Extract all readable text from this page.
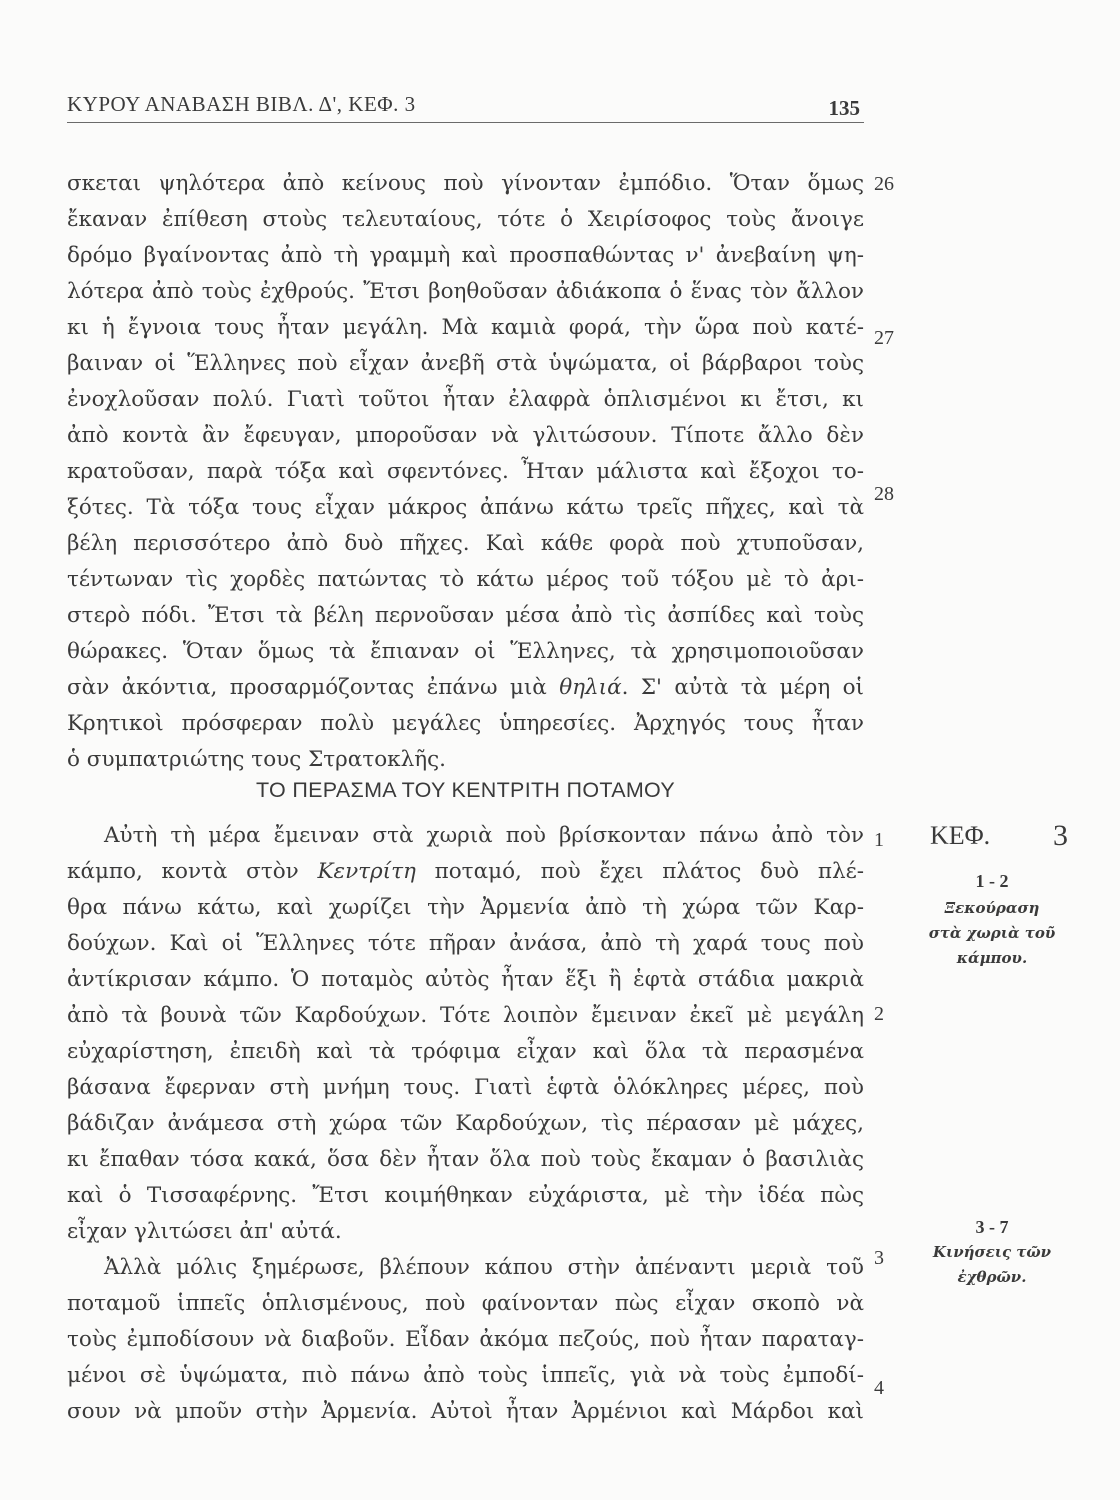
ΚΥΡΟΥ ΑΝΑΒΑΣΗ ΒΙΒΛ. Δ', ΚΕΦ. 3	135
σκεται ψηλότερα ἀπὸ κείνους ποὺ γίνονταν ἐμπόδιο. Ὅταν ὅμως
ἔκαναν ἐπίθεση στοὺς τελευταίους, τότε ὁ Χειρίσοφος τοὺς ἄνοιγε
δρόμο βγαίνοντας ἀπὸ τὴ γραμμὴ καὶ προσπαθώντας ν' ἀνεβαίνη ψη-
λότερα ἀπὸ τοὺς ἐχθρούς. Ἔτσι βοηθοῦσαν ἀδιάκοπα ὁ ἕνας τὸν ἄλλον
κι ἡ ἔγνοια τους ἦταν μεγάλη. Μὰ καμιὰ φορά, τὴν ὥρα ποὺ κατέ-
βαιναν οἱ Ἕλληνες ποὺ εἶχαν ἀνεβῆ στὰ ὑψώματα, οἱ βάρβαροι τοὺς
ἐνοχλοῦσαν πολύ. Γιατὶ τοῦτοι ἦταν ἐλαφρὰ ὁπλισμένοι κι ἔτσι, κι
ἀπὸ κοντὰ ἂν ἔφευγαν, μποροῦσαν νὰ γλιτώσουν. Τίποτε ἄλλο δὲν
κρατοῦσαν, παρὰ τόξα καὶ σφεντόνες. Ἦταν μάλιστα καὶ ἔξοχοι το-
ξότες. Τὰ τόξα τους εἶχαν μάκρος ἀπάνω κάτω τρεῖς πῆχες, καὶ τὰ
βέλη περισσότερο ἀπὸ δυὸ πῆχες. Καὶ κάθε φορὰ ποὺ χτυποῦσαν,
τέντωναν τὶς χορδὲς πατώντας τὸ κάτω μέρος τοῦ τόξου μὲ τὸ ἀρι-
στερὸ πόδι. Ἔτσι τὰ βέλη περνοῦσαν μέσα ἀπὸ τὶς ἀσπίδες καὶ τοὺς
θώρακες. Ὅταν ὅμως τὰ ἔπιαναν οἱ Ἕλληνες, τὰ χρησιμοποιοῦσαν
σὰν ἀκόντια, προσαρμόζοντας ἐπάνω μιὰ θηλιά. Σ' αὐτὰ τὰ μέρη οἱ
Κρητικοὶ πρόσφεραν πολὺ μεγάλες ὑπηρεσίες. Ἀρχηγός τους ἦταν
ὁ συμπατριώτης τους Στρατοκλῆς.
26
27
28
ΤΟ ΠΕΡΑΣΜΑ ΤΟΥ ΚΕΝΤΡΙΤΗ ΠΟΤΑΜΟΥ
Αὐτὴ τὴ μέρα ἔμειναν στὰ χωριὰ ποὺ βρίσκονταν πάνω ἀπὸ τὸν
κάμπο, κοντὰ στὸν Κεντρίτη ποταμό, ποὺ ἔχει πλάτος δυὸ πλέ-
θρα πάνω κάτω, καὶ χωρίζει τὴν Ἀρμενία ἀπὸ τὴ χώρα τῶν Καρ-
δούχων. Καὶ οἱ Ἕλληνες τότε πῆραν ἀνάσα, ἀπὸ τὴ χαρά τους ποὺ
ἀντίκρισαν κάμπο. Ὁ ποταμὸς αὐτὸς ἦταν ἕξι ἢ ἑφτὰ στάδια μακριὰ
ἀπὸ τὰ βουνὰ τῶν Καρδούχων. Τότε λοιπὸν ἔμειναν ἐκεῖ μὲ μεγάλη
εὐχαρίστηση, ἐπειδὴ καὶ τὰ τρόφιμα εἶχαν καὶ ὅλα τὰ περασμένα
βάσανα ἔφερναν στὴ μνήμη τους. Γιατὶ ἑφτὰ ὁλόκληρες μέρες, ποὺ
βάδιζαν ἀνάμεσα στὴ χώρα τῶν Καρδούχων, τὶς πέρασαν μὲ μάχες,
κι ἔπαθαν τόσα κακά, ὅσα δὲν ἦταν ὅλα ποὺ τοὺς ἔκαμαν ὁ βασιλιὰς
καὶ ὁ Τισσαφέρνης. Ἔτσι κοιμήθηκαν εὐχάριστα, μὲ τὴν ἰδέα πὼς
εἶχαν γλιτώσει ἀπ' αὐτά.
Ἀλλὰ μόλις ξημέρωσε, βλέπουν κάπου στὴν ἀπέναντι μεριὰ τοῦ
ποταμοῦ ἱππεῖς ὁπλισμένους, ποὺ φαίνονταν πὼς εἶχαν σκοπὸ νὰ
τοὺς ἐμποδίσουν νὰ διαβοῦν. Εἶδαν ἀκόμα πεζούς, ποὺ ἦταν παραταγ-
μένοι σὲ ὑψώματα, πιὸ πάνω ἀπὸ τοὺς ἱππεῖς, γιὰ νὰ τοὺς ἐμποδί-
σουν νὰ μποῦν στὴν Ἀρμενία. Αὐτοὶ ἦταν Ἀρμένιοι καὶ Μάρδοι καὶ
1
2
3
4
ΚΕΦ. 3
1 - 2
Ξεκούραση
στὰ χωριὰ τοῦ
κάμπου.
3 - 7
Κινήσεις τῶν
ἐχθρῶν.
